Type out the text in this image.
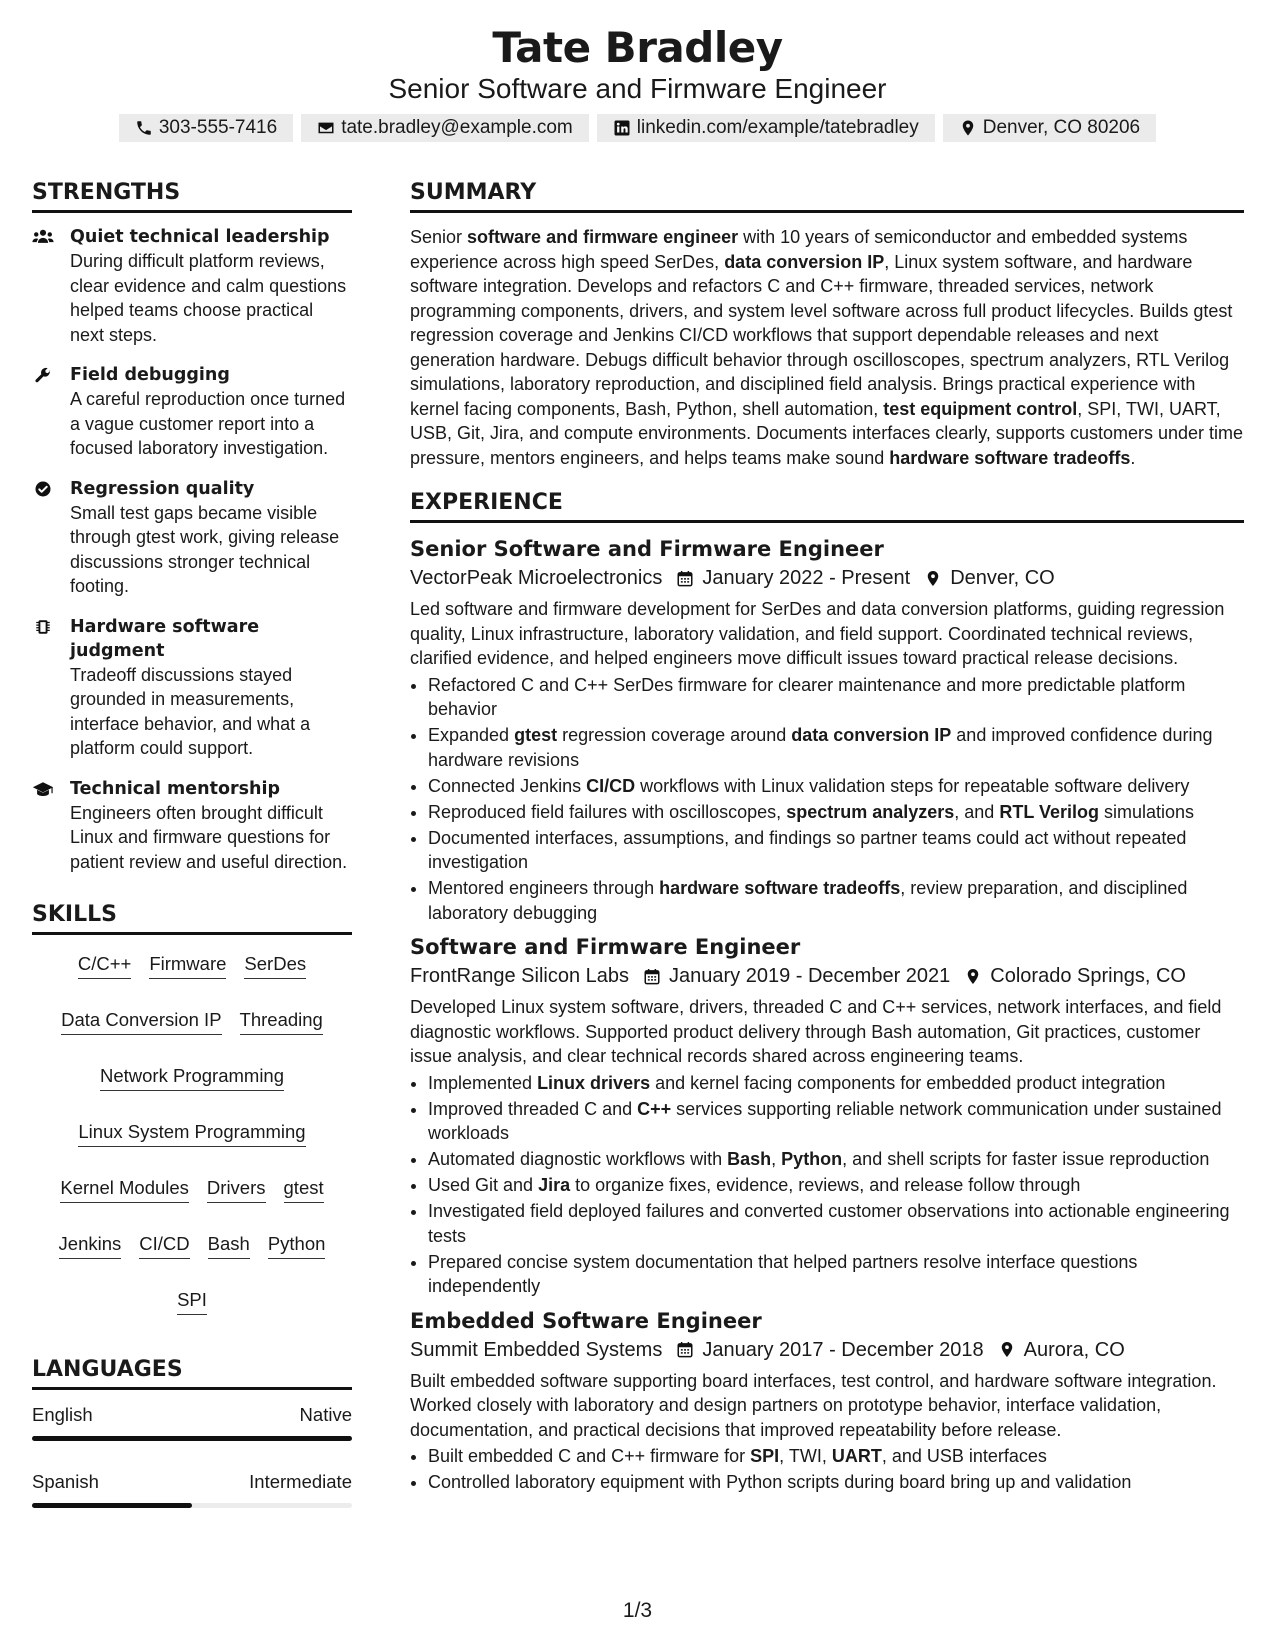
Tate Bradley
Senior Software and Firmware Engineer
303-555-7416	tate.bradley@example.com	linkedin.com/example/tatebradley	Denver, CO 80206
STRENGTHS
Quiet technical leadership
During difficult platform reviews, clear evidence and calm questions helped teams choose practical next steps.
Field debugging
A careful reproduction once turned a vague customer report into a focused laboratory investigation.
Regression quality
Small test gaps became visible through gtest work, giving release discussions stronger technical footing.
Hardware software judgment
Tradeoff discussions stayed grounded in measurements, interface behavior, and what a platform could support.
Technical mentorship
Engineers often brought difficult Linux and firmware questions for patient review and useful direction.
SKILLS
C/C++ Firmware SerDes
Data Conversion IP Threading
Network Programming
Linux System Programming
Kernel Modules Drivers gtest
Jenkins CI/CD Bash Python
SPI
LANGUAGES
English	Native
Spanish	Intermediate
SUMMARY
Senior software and firmware engineer with 10 years of semiconductor and embedded systems experience across high speed SerDes, data conversion IP, Linux system software, and hardware software integration. Develops and refactors C and C++ firmware, threaded services, network programming components, drivers, and system level software across full product lifecycles. Builds gtest regression coverage and Jenkins CI/CD workflows that support dependable releases and next generation hardware. Debugs difficult behavior through oscilloscopes, spectrum analyzers, RTL Verilog simulations, laboratory reproduction, and disciplined field analysis. Brings practical experience with kernel facing components, Bash, Python, shell automation, test equipment control, SPI, TWI, UART, USB, Git, Jira, and compute environments. Documents interfaces clearly, supports customers under time pressure, mentors engineers, and helps teams make sound hardware software tradeoffs.
EXPERIENCE
Senior Software and Firmware Engineer
VectorPeak Microelectronics January 2022 - Present Denver, CO
Led software and firmware development for SerDes and data conversion platforms, guiding regression quality, Linux infrastructure, laboratory validation, and field support. Coordinated technical reviews, clarified evidence, and helped engineers move difficult issues toward practical release decisions.
• Refactored C and C++ SerDes firmware for clearer maintenance and more predictable platform behavior
• Expanded gtest regression coverage around data conversion IP and improved confidence during hardware revisions
• Connected Jenkins CI/CD workflows with Linux validation steps for repeatable software delivery
• Reproduced field failures with oscilloscopes, spectrum analyzers, and RTL Verilog simulations
• Documented interfaces, assumptions, and findings so partner teams could act without repeated investigation
• Mentored engineers through hardware software tradeoffs, review preparation, and disciplined laboratory debugging
Software and Firmware Engineer
FrontRange Silicon Labs January 2019 - December 2021 Colorado Springs, CO
Developed Linux system software, drivers, threaded C and C++ services, network interfaces, and field diagnostic workflows. Supported product delivery through Bash automation, Git practices, customer issue analysis, and clear technical records shared across engineering teams.
• Implemented Linux drivers and kernel facing components for embedded product integration
• Improved threaded C and C++ services supporting reliable network communication under sustained workloads
• Automated diagnostic workflows with Bash, Python, and shell scripts for faster issue reproduction
• Used Git and Jira to organize fixes, evidence, reviews, and release follow through
• Investigated field deployed failures and converted customer observations into actionable engineering tests
• Prepared concise system documentation that helped partners resolve interface questions independently
Embedded Software Engineer
Summit Embedded Systems January 2017 - December 2018 Aurora, CO
Built embedded software supporting board interfaces, test control, and hardware software integration. Worked closely with laboratory and design partners on prototype behavior, interface validation, documentation, and practical decisions that improved repeatability before release.
• Built embedded C and C++ firmware for SPI, TWI, UART, and USB interfaces
• Controlled laboratory equipment with Python scripts during board bring up and validation
1/3
